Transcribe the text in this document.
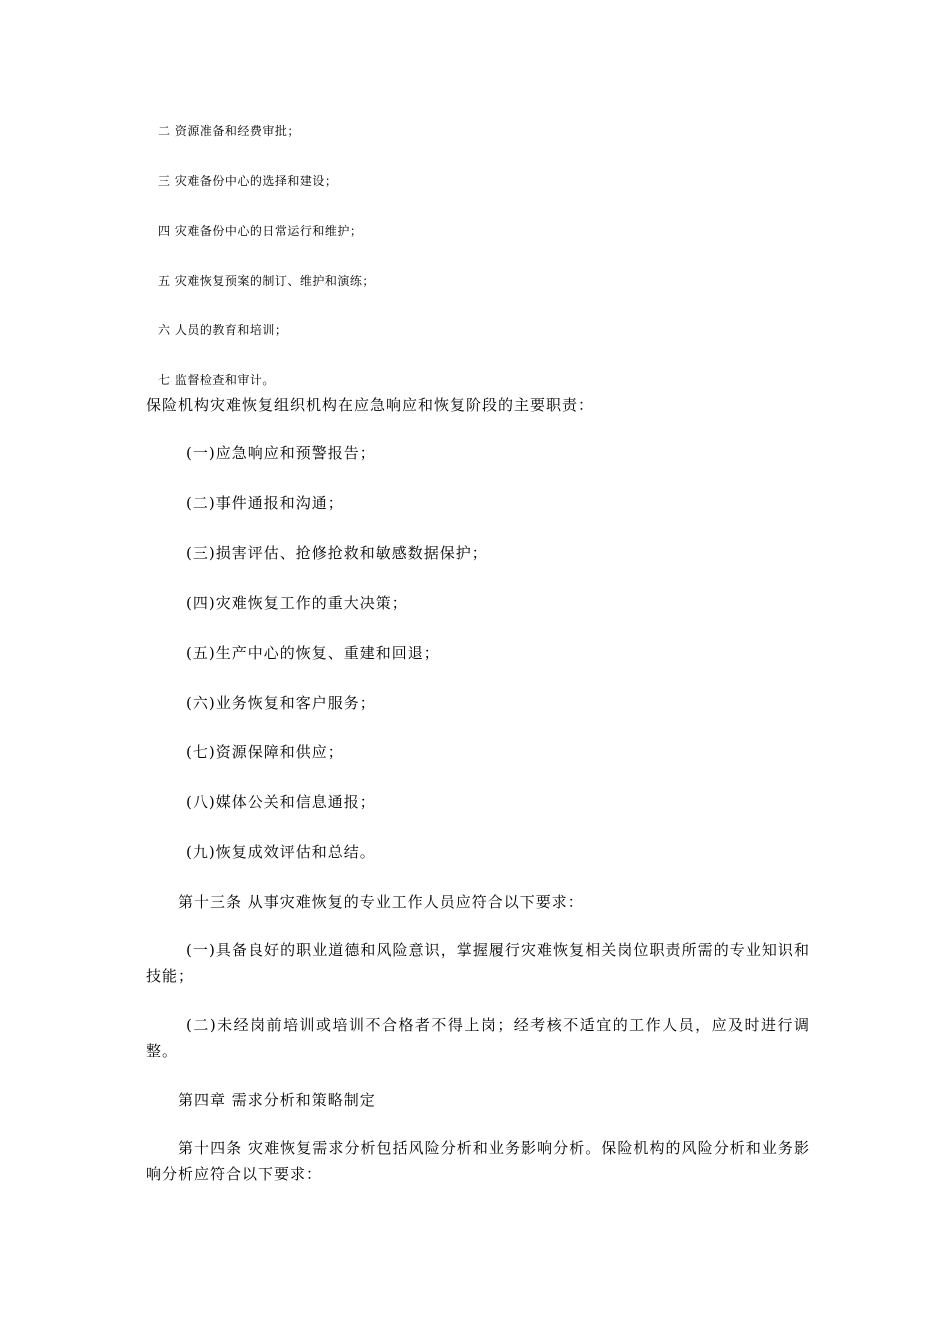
二 资源准备和经费审批；
三 灾难备份中心的选择和建设；
四 灾难备份中心的日常运行和维护；
五 灾难恢复预案的制订、维护和演练；
六 人员的教育和培训；
七 监督检查和审计。
保险机构灾难恢复组织机构在应急响应和恢复阶段的主要职责：
(一)应急响应和预警报告；
(二)事件通报和沟通；
(三)损害评估、抢修抢救和敏感数据保护；
(四)灾难恢复工作的重大决策；
(五)生产中心的恢复、重建和回退；
(六)业务恢复和客户服务；
(七)资源保障和供应；
(八)媒体公关和信息通报；
(九)恢复成效评估和总结。
第十三条 从事灾难恢复的专业工作人员应符合以下要求：
(一)具备良好的职业道德和风险意识，掌握履行灾难恢复相关岗位职责所需的专业知识和技能；
(二)未经岗前培训或培训不合格者不得上岗；经考核不适宜的工作人员，应及时进行调整。
第四章 需求分析和策略制定
第十四条 灾难恢复需求分析包括风险分析和业务影响分析。保险机构的风险分析和业务影响分析应符合以下要求：
